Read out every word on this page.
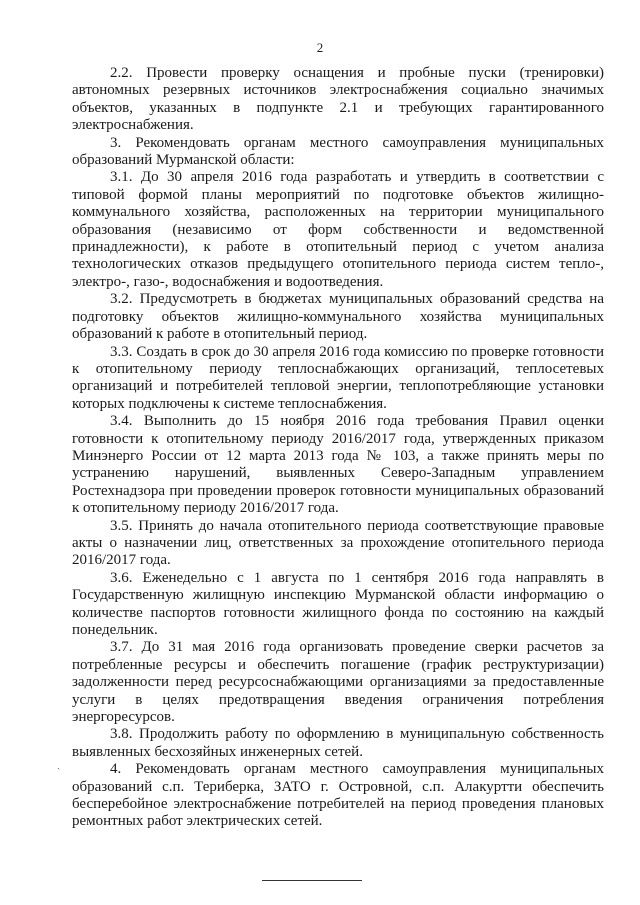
2

2.2. Провести проверку оснащения и пробные пуски (тренировки) автономных резервных источников электроснабжения социально значимых объектов, указанных в подпункте 2.1 и требующих гарантированного электроснабжения.

3. Рекомендовать органам местного самоуправления муниципальных образований Мурманской области:

3.1. До 30 апреля 2016 года разработать и утвердить в соответствии с типовой формой планы мероприятий по подготовке объектов жилищно-коммунального хозяйства, расположенных на территории муниципального образования (независимо от форм собственности и ведомственной принадлежности), к работе в отопительный период с учетом анализа технологических отказов предыдущего отопительного периода систем тепло-, электро-, газо-, водоснабжения и водоотведения.

3.2. Предусмотреть в бюджетах муниципальных образований средства на подготовку объектов жилищно-коммунального хозяйства муниципальных образований к работе в отопительный период.

3.3. Создать в срок до 30 апреля 2016 года комиссию по проверке готовности к отопительному периоду теплоснабжающих организаций, теплосетевых организаций и потребителей тепловой энергии, теплопотребляющие установки которых подключены к системе теплоснабжения.

3.4. Выполнить до 15 ноября 2016 года требования Правил оценки готовности к отопительному периоду 2016/2017 года, утвержденных приказом Минэнерго России от 12 марта 2013 года № 103, а также принять меры по устранению нарушений, выявленных Северо-Западным управлением Ростехнадзора при проведении проверок готовности муниципальных образований к отопительному периоду 2016/2017 года.

3.5. Принять до начала отопительного периода соответствующие правовые акты о назначении лиц, ответственных за прохождение отопительного периода 2016/2017 года.

3.6. Еженедельно с 1 августа по 1 сентября 2016 года направлять в Государственную жилищную инспекцию Мурманской области информацию о количестве паспортов готовности жилищного фонда по состоянию на каждый понедельник.

3.7. До 31 мая 2016 года организовать проведение сверки расчетов за потребленные ресурсы и обеспечить погашение (график реструктуризации) задолженности перед ресурсоснабжающими организациями за предоставленные услуги в целях предотвращения введения ограничения потребления энергоресурсов.

3.8. Продолжить работу по оформлению в муниципальную собственность выявленных бесхозяйных инженерных сетей.

4. Рекомендовать органам местного самоуправления муниципальных образований с.п. Териберка, ЗАТО г. Островной, с.п. Алакуртти обеспечить бесперебойное электроснабжение потребителей на период проведения плановых ремонтных работ электрических сетей.

ˏ
